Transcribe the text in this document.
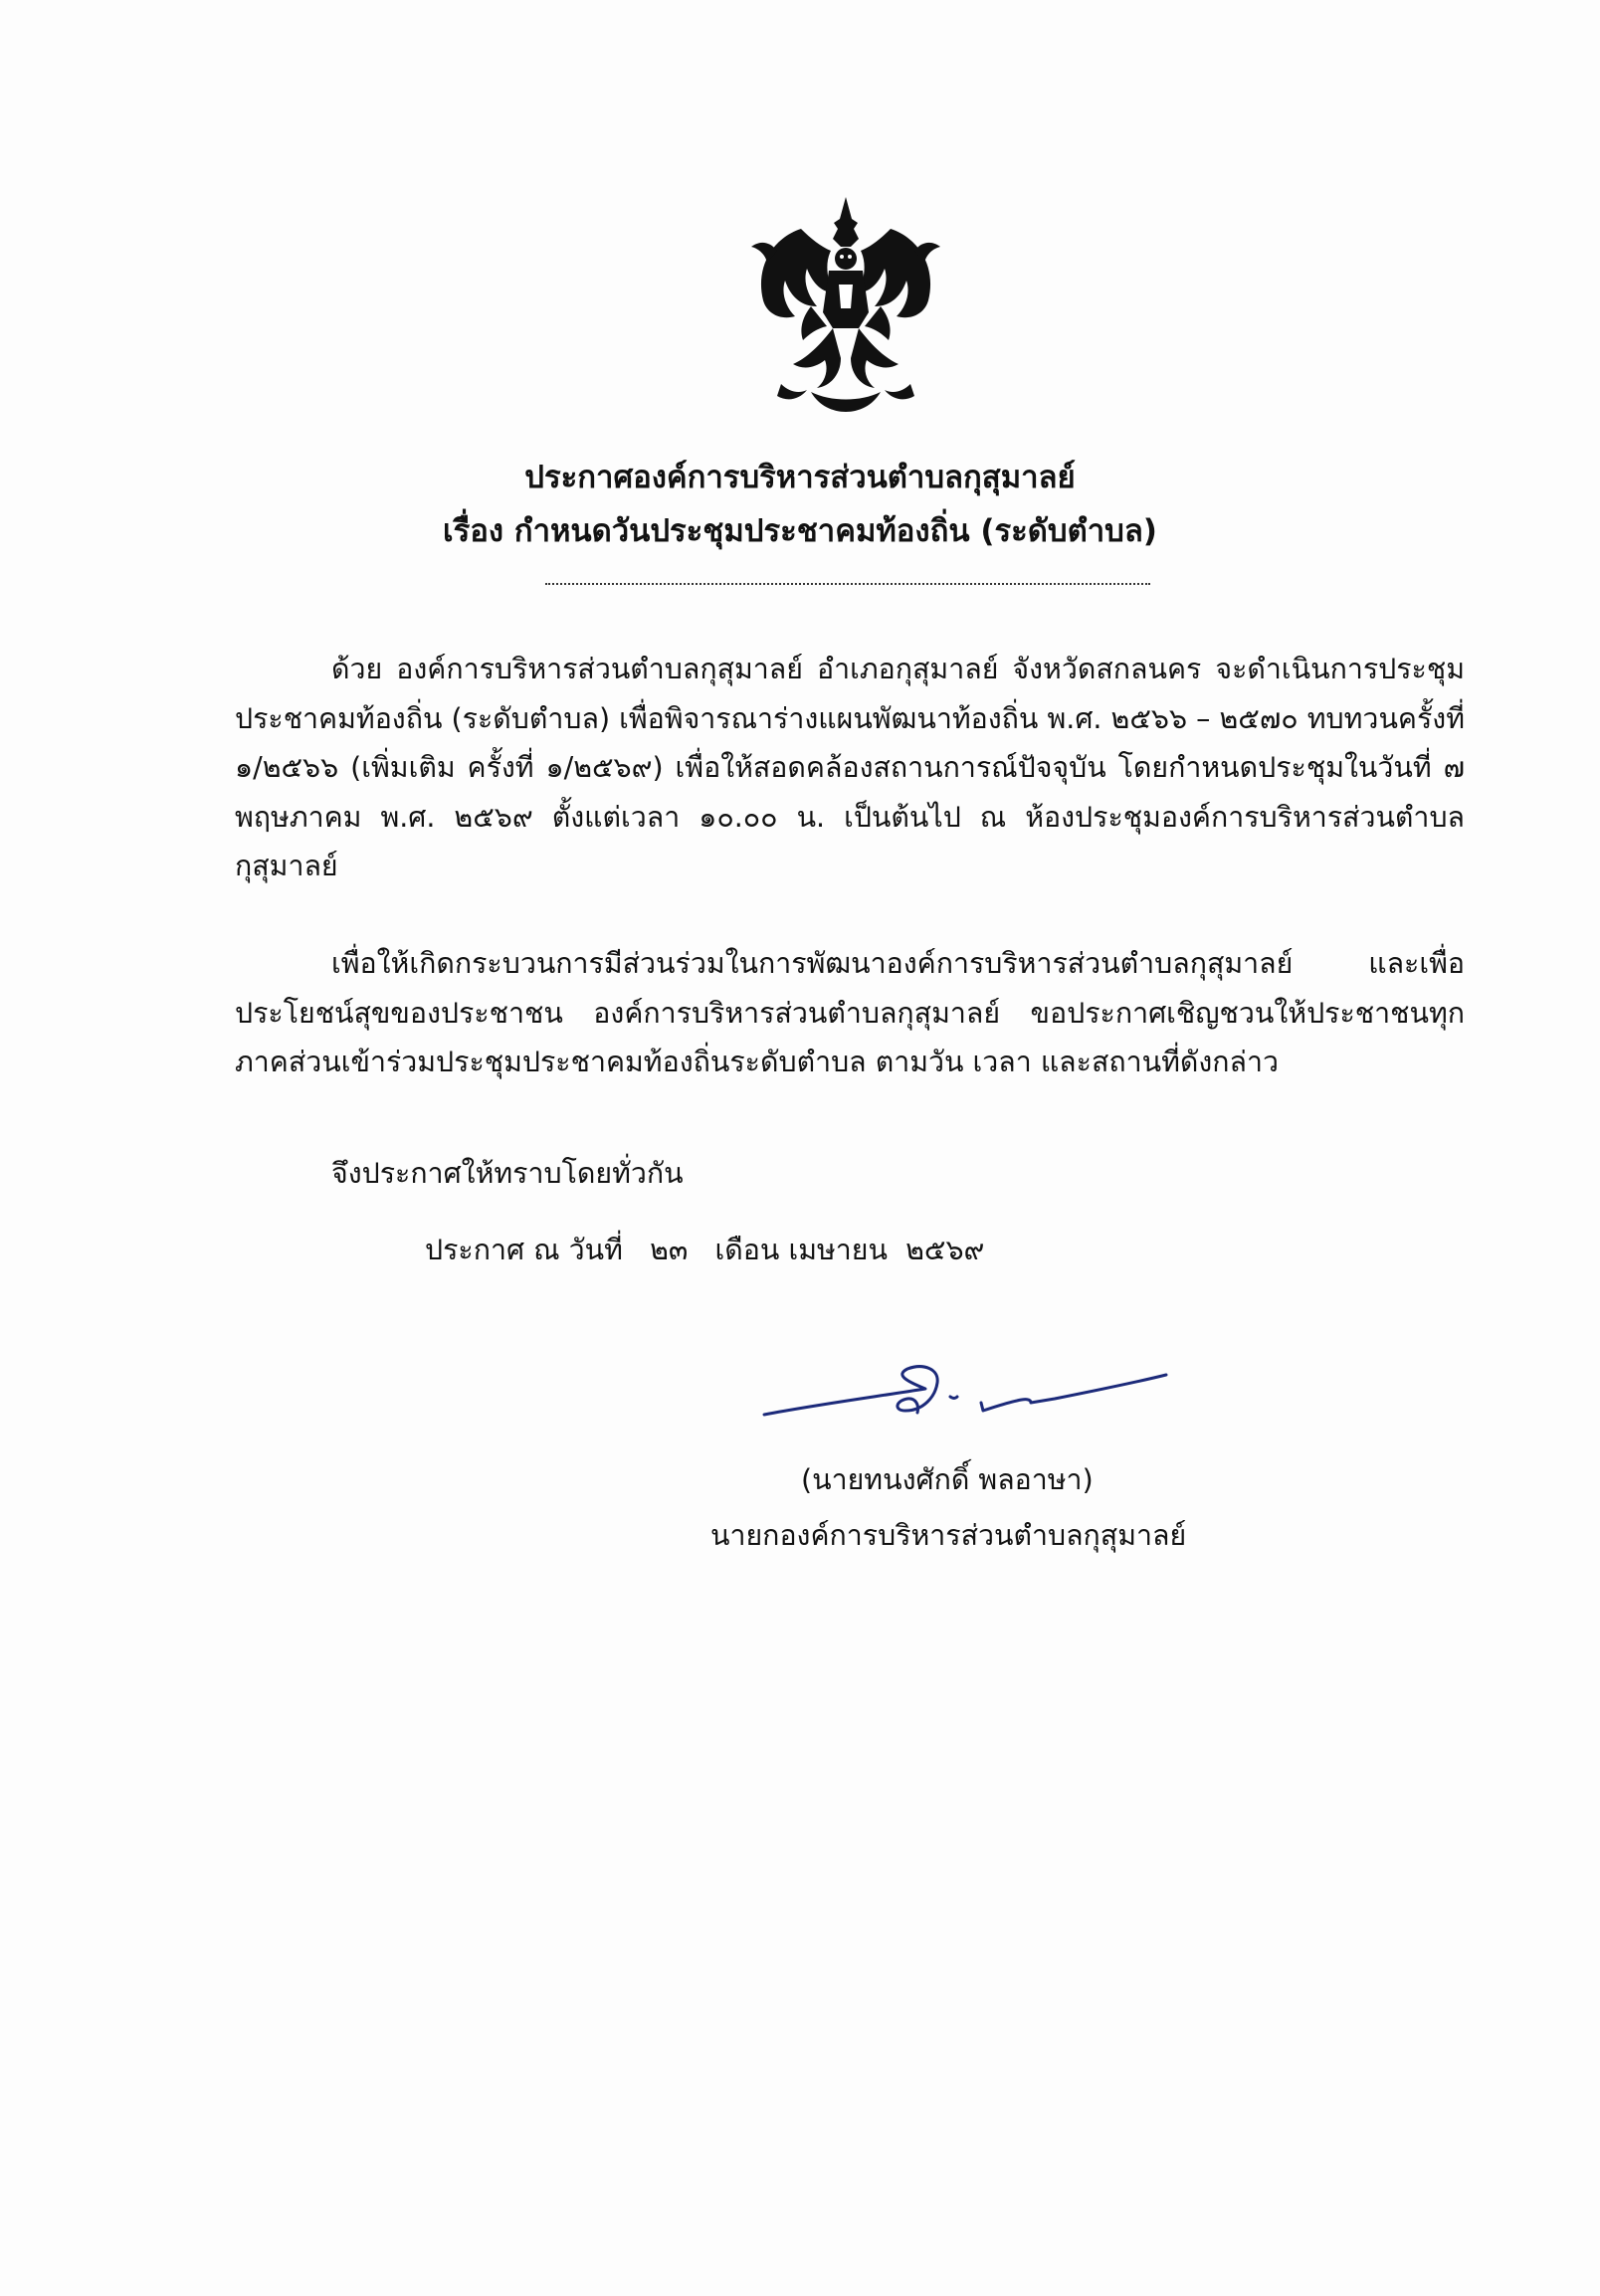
ประกาศองค์การบริหารส่วนตำบลกุสุมาลย์
เรื่อง กำหนดวันประชุมประชาคมท้องถิ่น (ระดับตำบล)

ด้วย องค์การบริหารส่วนตำบลกุสุมาลย์ อำเภอกุสุมาลย์ จังหวัดสกลนคร จะดำเนินการประชุมประชาคมท้องถิ่น (ระดับตำบล) เพื่อพิจารณาร่างแผนพัฒนาท้องถิ่น พ.ศ. ๒๕๖๖ – ๒๕๗๐ ทบทวนครั้งที่ ๑/๒๕๖๖ (เพิ่มเติม ครั้งที่ ๑/๒๕๖๙) เพื่อให้สอดคล้องสถานการณ์ปัจจุบัน โดยกำหนดประชุมในวันที่ ๗ พฤษภาคม พ.ศ. ๒๕๖๙ ตั้งแต่เวลา ๑๐.๐๐ น. เป็นต้นไป ณ ห้องประชุมองค์การบริหารส่วนตำบลกุสุมาลย์

เพื่อให้เกิดกระบวนการมีส่วนร่วมในการพัฒนาองค์การบริหารส่วนตำบลกุสุมาลย์ และเพื่อประโยชน์สุขของประชาชน องค์การบริหารส่วนตำบลกุสุมาลย์ ขอประกาศเชิญชวนให้ประชาชนทุกภาคส่วนเข้าร่วมประชุมประชาคมท้องถิ่นระดับตำบล ตามวัน เวลา และสถานที่ดังกล่าว

จึงประกาศให้ทราบโดยทั่วกัน
ประกาศ ณ วันที่ ๒๓ เดือน เมษายน ๒๕๖๙
(นายทนงศักดิ์ พลอาษา)
นายกองค์การบริหารส่วนตำบลกุสุมาลย์
